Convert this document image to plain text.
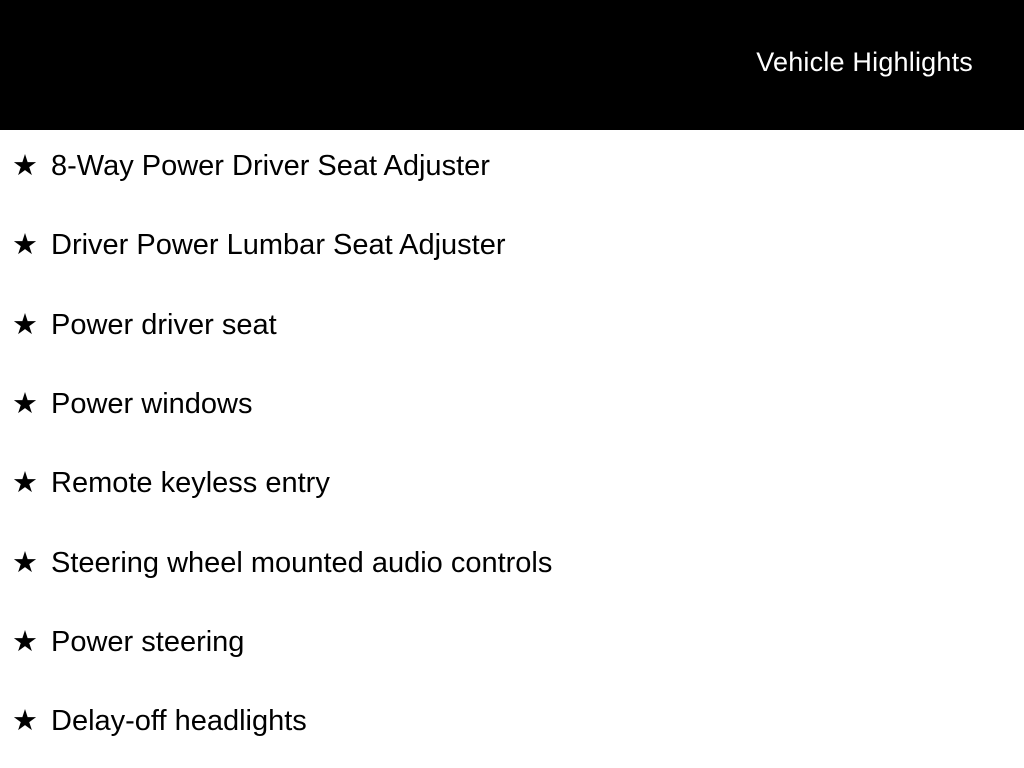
Vehicle Highlights
★ 8-Way Power Driver Seat Adjuster
★ Driver Power Lumbar Seat Adjuster
★ Power driver seat
★ Power windows
★ Remote keyless entry
★ Steering wheel mounted audio controls
★ Power steering
★ Delay-off headlights
